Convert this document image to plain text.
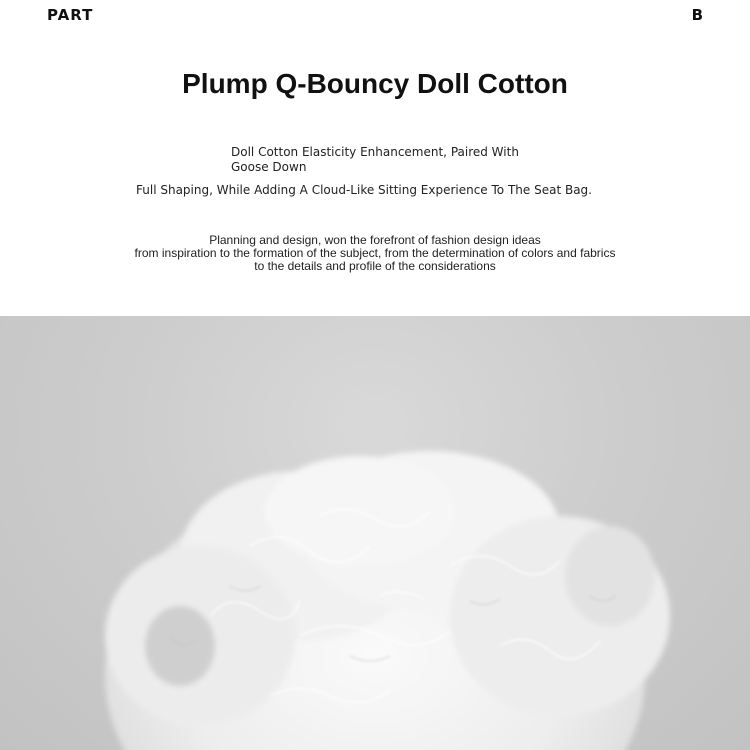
PART	B
Plump Q-Bouncy Doll Cotton
Doll Cotton Elasticity Enhancement, Paired With
Goose Down
Full Shaping, While Adding A Cloud-Like Sitting Experience To The Seat Bag.
Planning and design, won the forefront of fashion design ideas
from inspiration to the formation of the subject, from the determination of colors and fabrics
to the details and profile of the considerations
